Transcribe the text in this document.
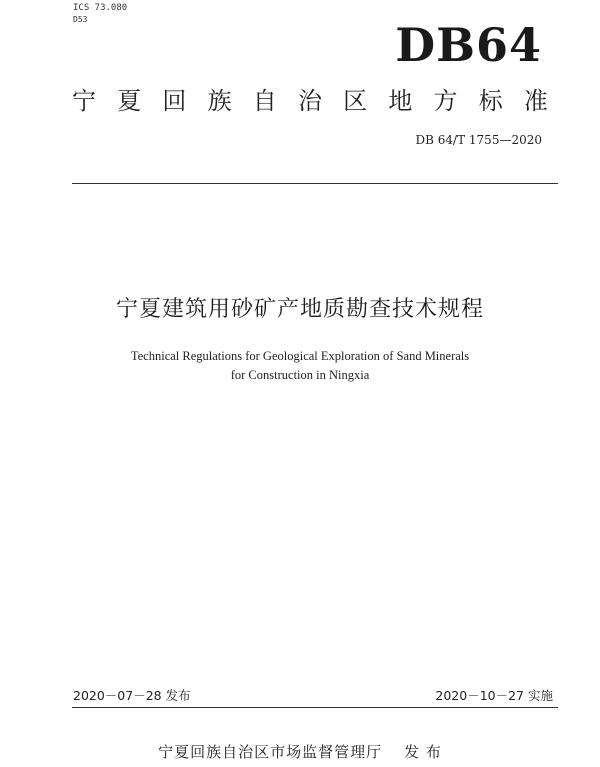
ICS 73.080
D53	DB64
宁 夏 回 族 自 治 区 地 方 标 准
DB 64/T 1755—2020
宁夏建筑用砂矿产地质勘查技术规程
Technical Regulations for Geological Exploration of Sand Minerals
for Construction in Ningxia
2020－07－28 发布	2020－10－27 实施
宁夏回族自治区市场监督管理厅 发 布
